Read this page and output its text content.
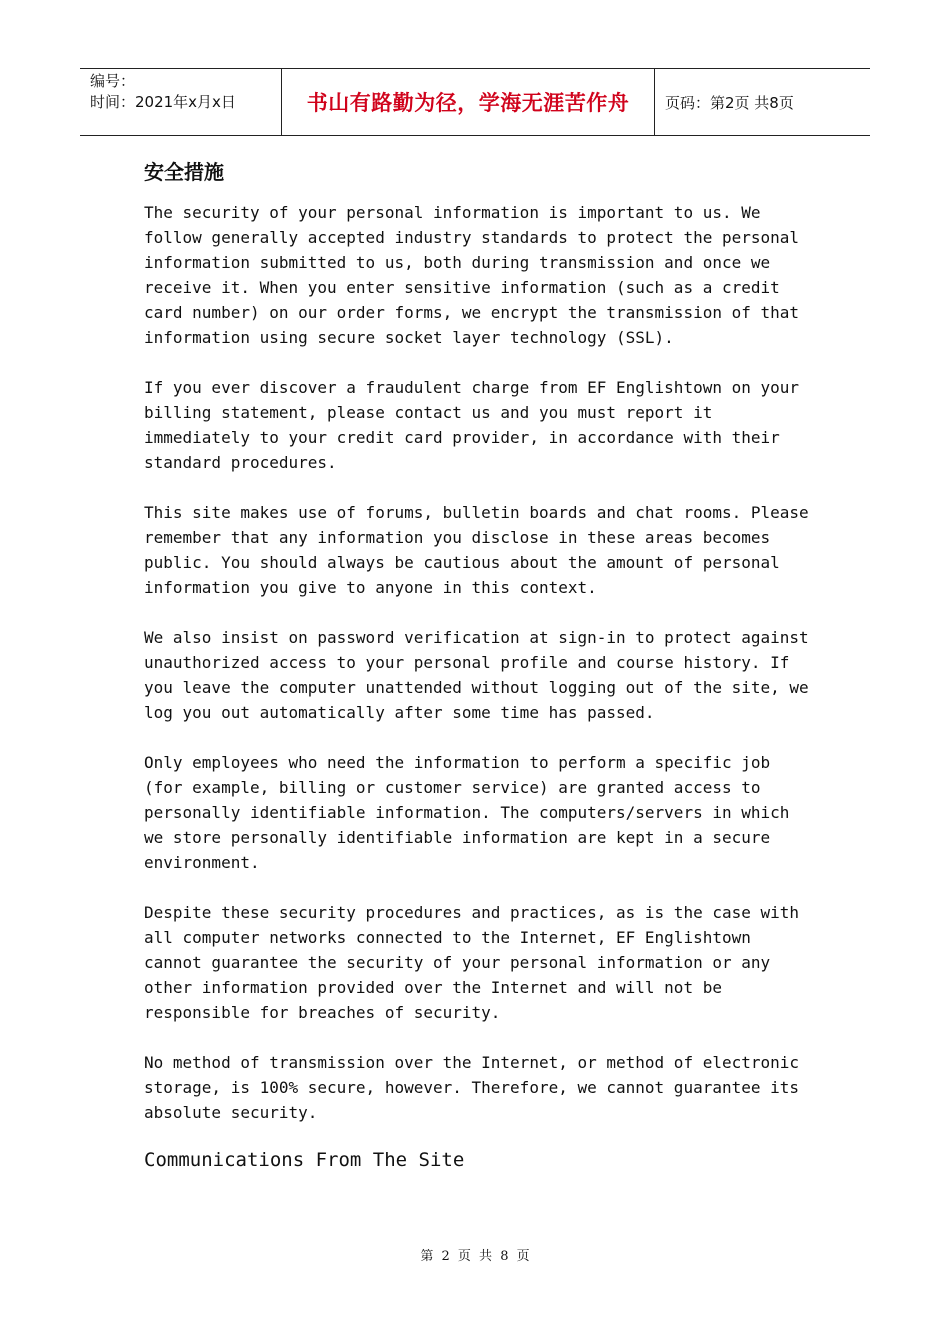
编号：
时间：2021年x月x日	书山有路勤为径，学海无涯苦作舟	页码：第2页 共8页
安全措施

The security of your personal information is important to us. We
follow generally accepted industry standards to protect the personal
information submitted to us, both during transmission and once we
receive it. When you enter sensitive information (such as a credit
card number) on our order forms, we encrypt the transmission of that
information using secure socket layer technology (SSL).

If you ever discover a fraudulent charge from EF Englishtown on your
billing statement, please contact us and you must report it
immediately to your credit card provider, in accordance with their
standard procedures.

This site makes use of forums, bulletin boards and chat rooms. Please
remember that any information you disclose in these areas becomes
public. You should always be cautious about the amount of personal
information you give to anyone in this context.

We also insist on password verification at sign-in to protect against
unauthorized access to your personal profile and course history. If
you leave the computer unattended without logging out of the site, we
log you out automatically after some time has passed.

Only employees who need the information to perform a specific job
(for example, billing or customer service) are granted access to
personally identifiable information. The computers/servers in which
we store personally identifiable information are kept in a secure
environment.

Despite these security procedures and practices, as is the case with
all computer networks connected to the Internet, EF Englishtown
cannot guarantee the security of your personal information or any
other information provided over the Internet and will not be
responsible for breaches of security.

No method of transmission over the Internet, or method of electronic
storage, is 100% secure, however. Therefore, we cannot guarantee its
absolute security.

Communications From The Site
第 2 页 共 8 页
